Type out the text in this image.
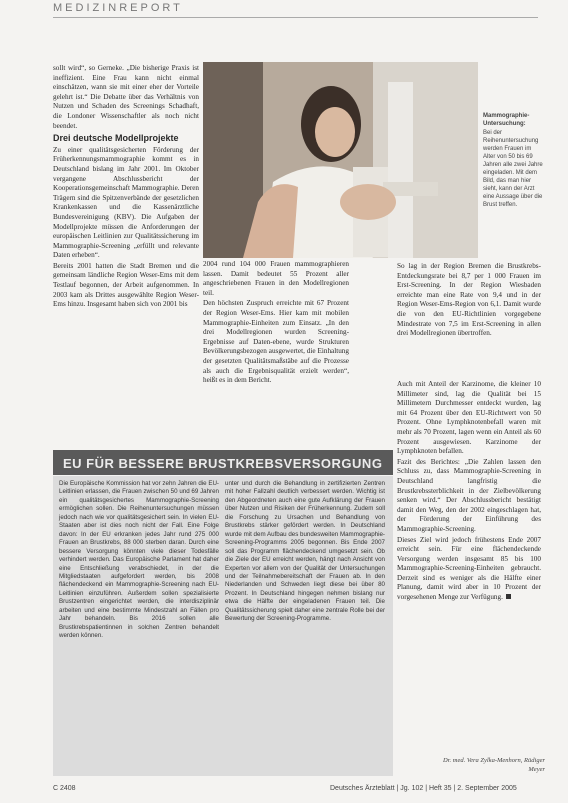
MEDIZINREPORT

sollt wird“, so Gerneke. „Die bisherige Praxis ist ineffizient. Eine Frau kann nicht einmal einschätzen, wann sie mit einer eher der Vorteile gelehrt ist.“ Die Debatte über das Verhältnis von Nutzen und Schaden des Screenings Schadhaft, die Londoner Wissenschaftler als noch nicht beendet.

Drei deutsche Modellprojekte

Zu einer qualitätsgesicherten Förderung der Früherkennungsmammographie kommt es in Deutschland bislang im Jahr 2001. Im Oktober vergangene Abschlussbericht der Kooperationsgemeinschaft Mammographie. Deren Trägern sind die Spitzenverbände der gesetzlichen Krankenkassen und die Kassenärztliche Bundesvereinigung (KBV). Die Aufgaben der Modellprojekte müssen die Anforderungen der europäischen Leitlinien zur Qualitätssicherung im Mammographie-Screening „erfüllt und relevante Daten erheben“.

Bereits 2001 hatten die Stadt Bremen und die gemeinsam ländliche Region Weser-Ems mit dem Testlauf begonnen, der Arbeit aufgenommen. In 2003 kam als Drittes ausgewählte Region Weser-Ems hinzu. Insgesamt haben sich von 2001 bis

Mammographie-Untersuchung:
Bei der Reihenuntersuchung werden Frauen im Alter von 50 bis 69 Jahren alle zwei Jahre eingeladen. Mit dem Bild, das man hier sieht, kann der Arzt eine Aussage über die Brust treffen.

2004 rund 104 000 Frauen mammographieren lassen. Damit bedeutet 55 Prozent aller angeschriebenen Frauen in den Modellregionen teil.

Den höchsten Zuspruch erreichte mit 67 Prozent der Region Weser-Ems. Hier kam mit mobilen Mammographie-Einheiten zum Einsatz. „In den drei Modellregionen wurden Screening-Ergebnisse auf Daten-ebene, wurde Strukturen Bevölkerungsbezogen ausgewertet, die Einhaltung der gesetzten Qualitätsmaßstäbe auf die Prozesse als auch die Ergebnisqualität erzielt werden“, heißt es in dem Bericht.

So lag in der Region Bremen die Brustkrebs-Entdeckungsrate bei 8,7 per 1 000 Frauen im Erst-Screening. In der Region Wiesbaden erreichte man eine Rate von 9,4 und in der Region Weser-Ems-Region von 6,1. Damit wurde die von den EU-Richtlinien vorgegebene Mindestrate von 7,5 im Erst-Screening in allen drei Modellregionen übertroffen.

Auch mit Anteil der Karzinome, die kleiner 10 Millimeter sind, lag die Qualität bei 15 Millimetern Durchmesser entdeckt wurden, lag mit 64 Prozent über den EU-Richtwert von 50 Prozent. Ohne Lymphknotenbefall waren mit mehr als 70 Prozent, lagen wenn ein Anteil als 60 Prozent ausgewiesen. Karzinome der Lymphknoten befallen.

Fazit des Berichtes: „Die Zahlen lassen den Schluss zu, dass Mammographie-Screening in Deutschland langfristig die Brustkrebssterblichkeit in der Zielbevölkerung senken wird.“ Der Abschlussbericht bestätigt damit den Weg, den der 2002 eingeschlagen hat, der Förderung der Einführung des Mammographie-Screening.

Dieses Ziel wird jedoch frühestens Ende 2007 erreicht sein. Für eine flächendeckende Versorgung werden insgesamt 85 bis 100 Mammographie-Screening-Einheiten gebraucht. Derzeit sind es weniger als die Hälfte einer Planung, damit wird aber in 10 Prozent der vorgesehenen Menge zur Verfügung.

Dr. med. Vera Zylka-Menhorn, Rüdiger Meyer
EU FÜR BESSERE BRUSTKREBSVERSORGUNG

Die Europäische Kommission hat vor zehn Jahren die EU-Leitlinien erlassen, die Frauen zwischen 50 und 69 Jahren ein qualitätsgesichertes Mammographie-Screening ermöglichen sollen. Die Reihenuntersuchungen müssen jedoch nach wie vor qualitätsgesichert sein. In vielen EU-Staaten aber ist dies noch nicht der Fall. Eine Folge davon: In der EU erkranken jedes Jahr rund 275 000 Frauen an Brustkrebs, 88 000 sterben daran. Durch eine bessere Versorgung könnten viele dieser Todesfälle verhindert werden. Das Europäische Parlament hat daher eine Entschließung verabschiedet, in der die Mitgliedstaaten aufgefordert werden, bis 2008 flächendeckend ein Mammographie-Screening nach EU-Leitlinien einzuführen. Außerdem sollen spezialisierte Brustzentren eingerichtet werden, die interdisziplinär arbeiten und eine bestimmte Mindestzahl an Fällen pro Jahr behandeln. Bis 2016 sollen alle Brustkrebspatientinnen in solchen Zentren behandelt werden können.

unter und durch die Behandlung in zertifizierten Zentren mit hoher Fallzahl deutlich verbessert werden. Wichtig ist den Abgeordneten auch eine gute Aufklärung der Frauen über Nutzen und Risiken der Früherkennung. Zudem soll die Forschung zu Ursachen und Behandlung von Brustkrebs stärker gefördert werden. In Deutschland wurde mit dem Aufbau des bundesweiten Mammographie-Screening-Programms 2005 begonnen. Bis Ende 2007 soll das Programm flächendeckend umgesetzt sein. Ob die Ziele der EU erreicht werden, hängt nach Ansicht von Experten vor allem von der Qualität der Untersuchungen und der Teilnahmebereitschaft der Frauen ab. In den Niederlanden und Schweden liegt diese bei über 80 Prozent. In Deutschland hingegen nehmen bislang nur etwa die Hälfte der eingeladenen Frauen teil. Die Qualitätssicherung spielt daher eine zentrale Rolle bei der Bewertung der Screening-Programme.

C 2408	Deutsches Ärzteblatt | Jg. 102 | Heft 35 | 2. September 2005
